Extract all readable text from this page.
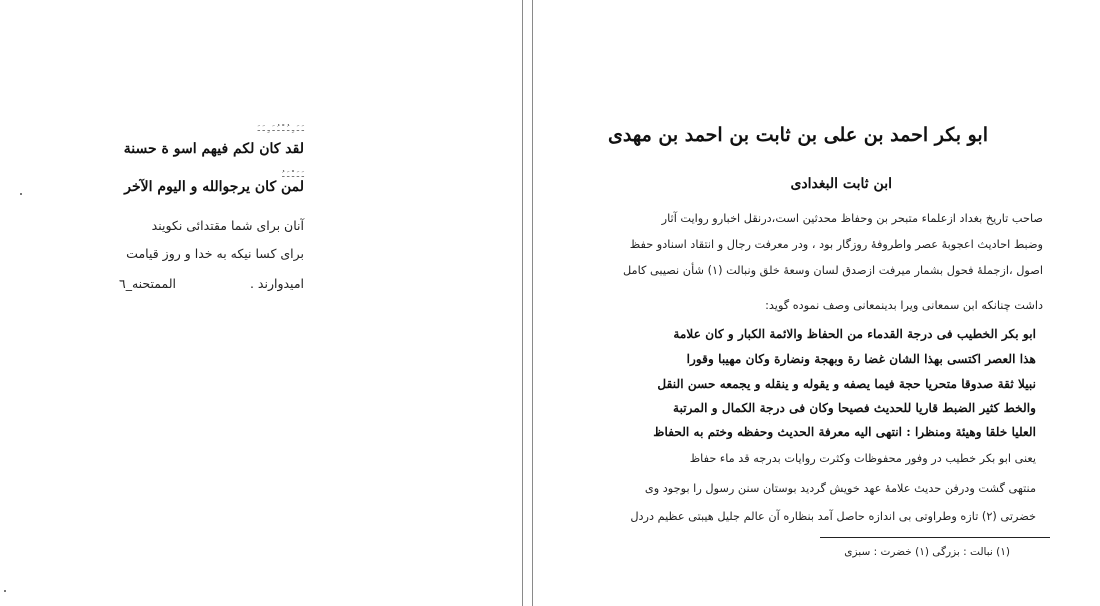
ـَ ـَ ـِ ـُ ـْ ـُ ـَ ـِ ـَ ـَ
لقد کان لکم فیهم اسو ة حسنة
ـَ ـَ ـْ ـَ ـُ
لمن کان یرجوالله و الیوم الآخر
آنان برای شما مقتدائی نکویند
برای کسا نیکه به خدا و روز قیامت
امیدوارند .
الممتحنه_٦
ابو بکر احمد بن علی بن ثابت بن احمد بن مهدی
ابن ثابت البغدادی
صاحب تاریخ بغداد ازعلماء متبحر بن وحفاظ محدثین است،درنقل اخبارو روایت آثار
وضبط احادیث اعجوبهٔ عصر واطروفهٔ روزگار بود ، ودر معرفت رجال و انتقاد اسنادو حفظ
اصول ،ازجملهٔ فحول بشمار میرفت ازصدق لسان وسعهٔ خلق ونبالت (۱) شأن نصیبی کامل
داشت چنانکه ابن سمعانی ویرا بدینمعانی وصف نموده گوید:
ابو بکر الخطیب فی درجة القدماء من الحفاظ والائمة الکبار و کان علامة
هذا العصر اکتسی بهذا الشان غضا رة وبهجة ونضارة وکان مهیبا وقورا
نبیلا ثقة صدوقا متحریا حجة فیما یصفه و یقوله و ینقله و یجمعه حسن النقل
والخط کثیر الضبط قاریا للحدیث فصیحا وکان فی درجة الکمال و المرتبة
العلیا خلقا وهیئة ومنظرا : انتهی الیه معرفة الحدیث وحفظه وختم به الحفاظ
یعنی ابو بکر خطیب در وفور محفوظات وکثرت روایات بدرجه قد ماء حفاظ
منتهی گشت ودرفن حدیث علامهٔ عهد خویش گردید بوستان سنن رسول را بوجود وی
خضرتی (۲) تازه وطراوتی بی اندازه حاصل آمد بنظاره آن عالم جلیل هیبتی عظیم دردل
(۱) نبالت : بزرگی (۱) خضرت : سبزی
